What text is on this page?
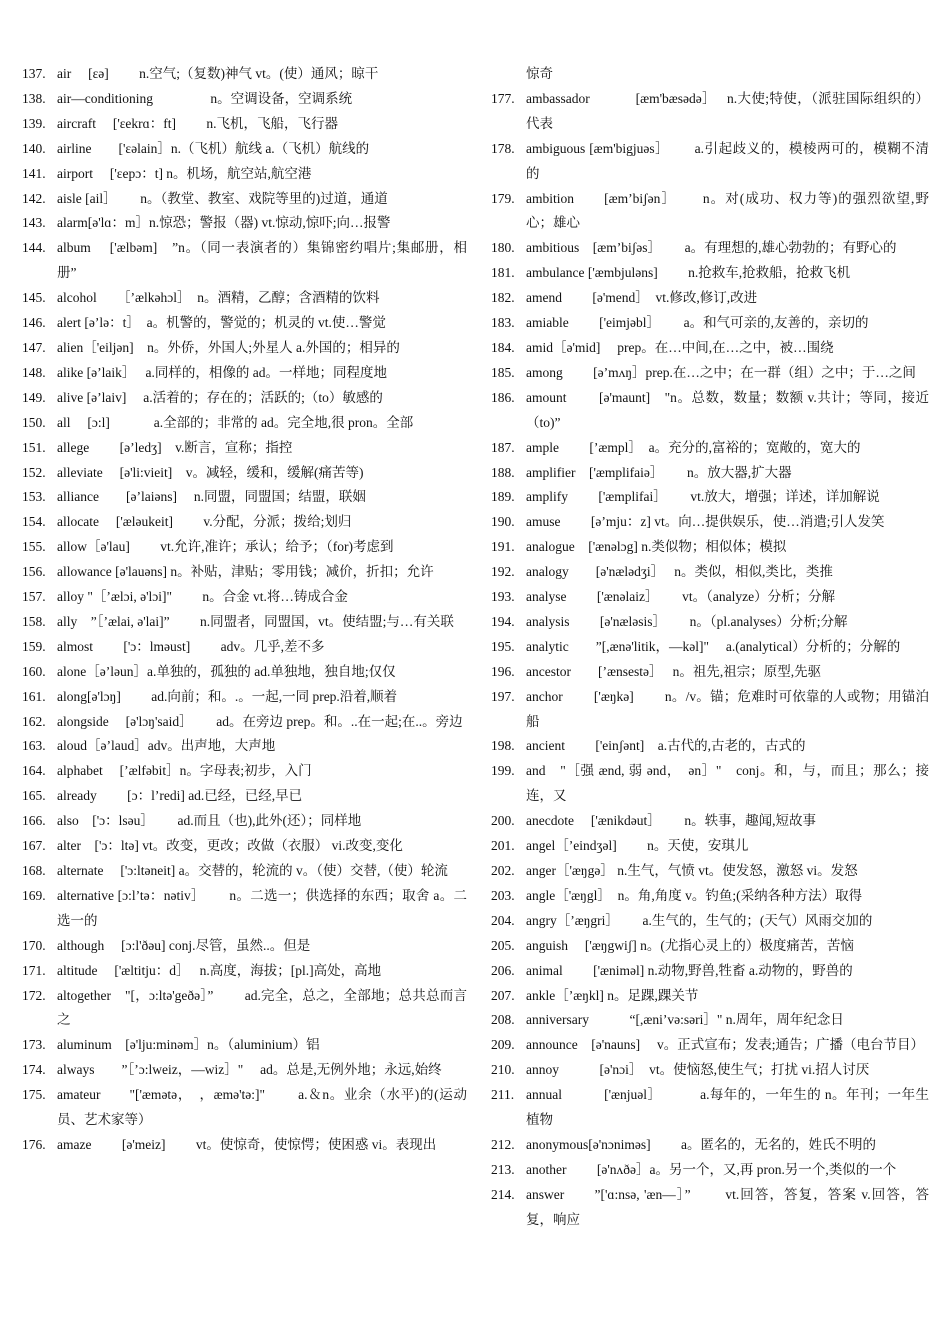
137. air　 [ɛə]　　 n.空气;（复数)神气 vt。(使）通风；晾干
138. air—conditioning　　　　 n。空调设备，空调系统
139. aircraft　 ['ɛekrɑ：ft]　　 n.飞机，飞船，飞行器
140. airline　　['ɛəlain］n.（飞机）航线 a.（飞机）航线的
141. airport　 ['ɛepɔ：t] n。机场，航空站,航空港
142. aisle [ail］　　 n。（教堂、教室、戏院等里的)过道，通道
143. alarm[ə'lɑ：m］n.惊恐；警报（器) vt.惊动,惊吓;向…报警
144. album　 ['ælbəm]　”n。（同一表演者的）集锦密约唱片;集邮册，相册”
145. alcohol　　［’ælkəhɔl］　n。酒精，乙醇；含酒精的饮料
146. alert [ə’lə：t］　a。机警的，警觉的；机灵的 vt.使…警觉
147. alien［'eiljən]　n。外侨，外国人;外星人 a.外国的；相异的
148. alike [ə’laik］　 a.同样的，相像的 ad。一样地；同程度地
149. alive [ə’laiv]　 a.活着的；存在的；活跃的;（to）敏感的
150. all　 [ɔ:l]　　　 a.全部的；非常的 ad。完全地,很 pron。全部
151. allege　　 [ə’ledʒ]　v.断言，宣称；指控
152. alleviate　 [ə'li:vieit]　v。减轻，缓和，缓解(痛苦等)
153. alliance　　[ə’laiəns]　 n.同盟，同盟国；结盟，联姻
154. allocate　 ['æləukeit]　　 v.分配，分派；拨给;划归
155. allow［ə'lau]　　 vt.允许,准许；承认；给予；（for)考虑到
156. allowance [ə'lauəns] n。补贴，津贴；零用钱；减价，折扣；允许
157. alloy "［’ælɔi, ə'lɔi]"　　 n。合金 vt.将…铸成合金
158. ally　”［’ælai, ə'lai]”　　 n.同盟者，同盟国，vt。使结盟;与…有关联
159. almost　　 ['ɔ：lməust]　　 adv。几乎,差不多
160. alone［ə’ləun］a.单独的，孤独的 ad.单独地，独自地;仅仅
161. along[ə'lɔŋ]　　 ad.向前；和。.。一起,一同 prep.沿着,顺着
162. alongside　 [ə'lɔŋ'said］　　 ad。在旁边 prep。和。..在一起;在..。旁边
163. aloud［ə’laud］adv。出声地，大声地
164. alphabet　 [’ælfəbit］n。字母表;初步，入门
165. already　　 [ɔ：l’redi] ad.已经，已经,早已
166. also　['ɔ：lsəu］　　 ad.而且（也),此外(还）；同样地
167. alter　['ɔ：ltə] vt。改变，更改；改做（衣服） vi.改变,变化
168. alternate　 ['ɔ:ltəneit] a。交替的，轮流的 v。（使）交替,（使）轮流
169. alternative [ɔ:l’tə：nətiv］　　 n。二选一；供选择的东西；取舍 a。二选一的
170. although　 [ɔ:l'ðəu] conj.尽管，虽然..。但是
171. altitude　 ['æltitju：d］　 n.高度，海拔；[pl.]高处，高地
172. altogether　"[，ɔ:ltə'geðə］”　　 ad.完全，总之，全部地；总共总而言之
173. aluminum　[ə'lju:minəm］n。（aluminium）铝
174. always　　”［’ɔ:lweiz，—wiz］"　 ad。总是,无例外地；永远,始终
175. amateur　　"['æmətə，　，æmə'tə:]"　　 a.＆n。业余（水平)的(运动员、艺术家等）
176. amaze　　 [ə'meiz]　　 vt。使惊奇，使惊愕；使困惑 vi。表现出
惊奇
177. ambassador　　　 [æm'bæsədə］　 n.大使;特使，（派驻国际组织的）代表
178. ambiguous [æm'bigjuəs］　　 a.引起歧义的，模棱两可的，模糊不清的
179. ambition　　[æm’biʃən］　　 n。对(成功、权力等)的强烈欲望,野心；雄心
180. ambitious　[æm’biʃəs］　　 a。有理想的,雄心勃勃的；有野心的
181. ambulance ['æmbjuləns]　　 n.抢救车,抢救船，抢救飞机
182. amend　　 [ə'mend］　vt.修改,修订,改进
183. amiable　　 ['eimjəbl］　　 a。和气可亲的,友善的，亲切的
184. amid［ə'mid]　 prep。在…中间,在…之中，被…围绕
185. among　　 [ə’mʌŋ］prep.在…之中；在一群（组）之中；于…之间
186. amount　　 [ə'maunt]　"n。总数，数量；数额 v.共计；等同，接近（to)”
187. ample　　 [’æmpl］　a。充分的,富裕的；宽敞的，宽大的
188. amplifier　['æmplifaiə］　　 n。放大器,扩大器
189. amplify　　 ['æmplifai］　　 vt.放大，增强；详述，详加解说
190. amuse　　 [ə’mju：z] vt。向…提供娱乐，使…消遣;引人发笑
191. analogue　['ænəlɔg] n.类似物；相似体；模拟
192. analogy　　[ə'nælədʒi］　 n。类似，相似,类比，类推
193. analyse　　 ['ænəlaiz］　　 vt。（analyze）分析；分解
194. analysis　　 [ə'næləsis］　　 n。（pl.analyses）分析;分解
195. analytic　　”[,ænə'litik，—kəl]"　 a.(analytical）分析的；分解的
196. ancestor　　[’ænsestə］　 n。祖先,祖宗；原型,先驱
197. anchor　　 ['æŋkə]　　 n。/v。锚；危难时可依靠的人或物；用锚泊船
198. ancient　　 ['einʃənt]　a.古代的,古老的，古式的
199. and　"［强 ænd, 弱 ənd，　ən］"　conj。和，与，而且；那么；接连，又
200. anecdote　 ['ænikdəut］　　 n。轶事，趣闻,短故事
201. angel［’eindʒəl]　　 n。天使，安琪儿
202. anger［'æŋgə］ n.生气，气愤 vt。使发怒，激怒 vi。发怒
203. angle［'æŋgl］　n。角,角度 v。钓鱼;(采纳各种方法）取得
204. angry［’æŋgri］　　 a.生气的，生气的；(天气）风雨交加的
205. anguish　 ['æŋgwiʃ] n。(尤指心灵上的）极度痛苦，苦恼
206. animal　　 ['æniməl] n.动物,野兽,牲畜 a.动物的，野兽的
207. ankle［’æŋkl] n。足踝,踝关节
208. anniversary　　　“[,æni’və:səri］" n.周年，周年纪念日
209. announce　[ə'nauns]　 v。正式宣布；发表;通告；广播（电台节目）
210. annoy　　　[ə'nɔi］　vt。使恼怒,使生气；打扰 vi.招人讨厌
211. annual　　　['ænjuəl］　　　 a.每年的，一年生的 n。年刊；一年生植物
212. anonymous[ə'nɔniməs]　　 a。匿名的，无名的，姓氏不明的
213. another　　 [ə'nʌðə］a。另一个，又,再 pron.另一个,类似的一个
214. answer　　”['ɑ:nsə, 'æn—］”　　 vt.回答，答复，答案 v.回答，答复，响应
